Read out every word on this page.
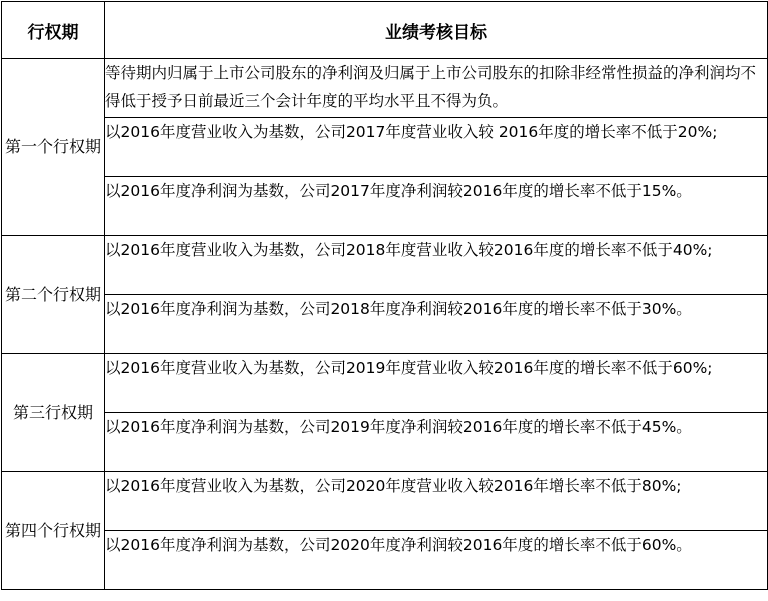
行权期	业绩考核目标
第一个行权期	等待期内归属于上市公司股东的净利润及归属于上市公司股东的扣除非经常性损益的净利润均不得低于授予日前最近三个会计年度的平均水平且不得为负。
	以2016年度营业收入为基数，公司2017年度营业收入较 2016年度的增长率不低于20%;
	以2016年度净利润为基数，公司2017年度净利润较2016年度的增长率不低于15%。
第二个行权期	以2016年度营业收入为基数，公司2018年度营业收入较2016年度的增长率不低于40%;
	以2016年度净利润为基数，公司2018年度净利润较2016年度的增长率不低于30%。
第三行权期	以2016年度营业收入为基数，公司2019年度营业收入较2016年度的增长率不低于60%;
	以2016年度净利润为基数，公司2019年度净利润较2016年度的增长率不低于45%。
第四个行权期	以2016年度营业收入为基数，公司2020年度营业收入较2016年增长率不低于80%;
	以2016年度净利润为基数，公司2020年度净利润较2016年度的增长率不低于60%。
